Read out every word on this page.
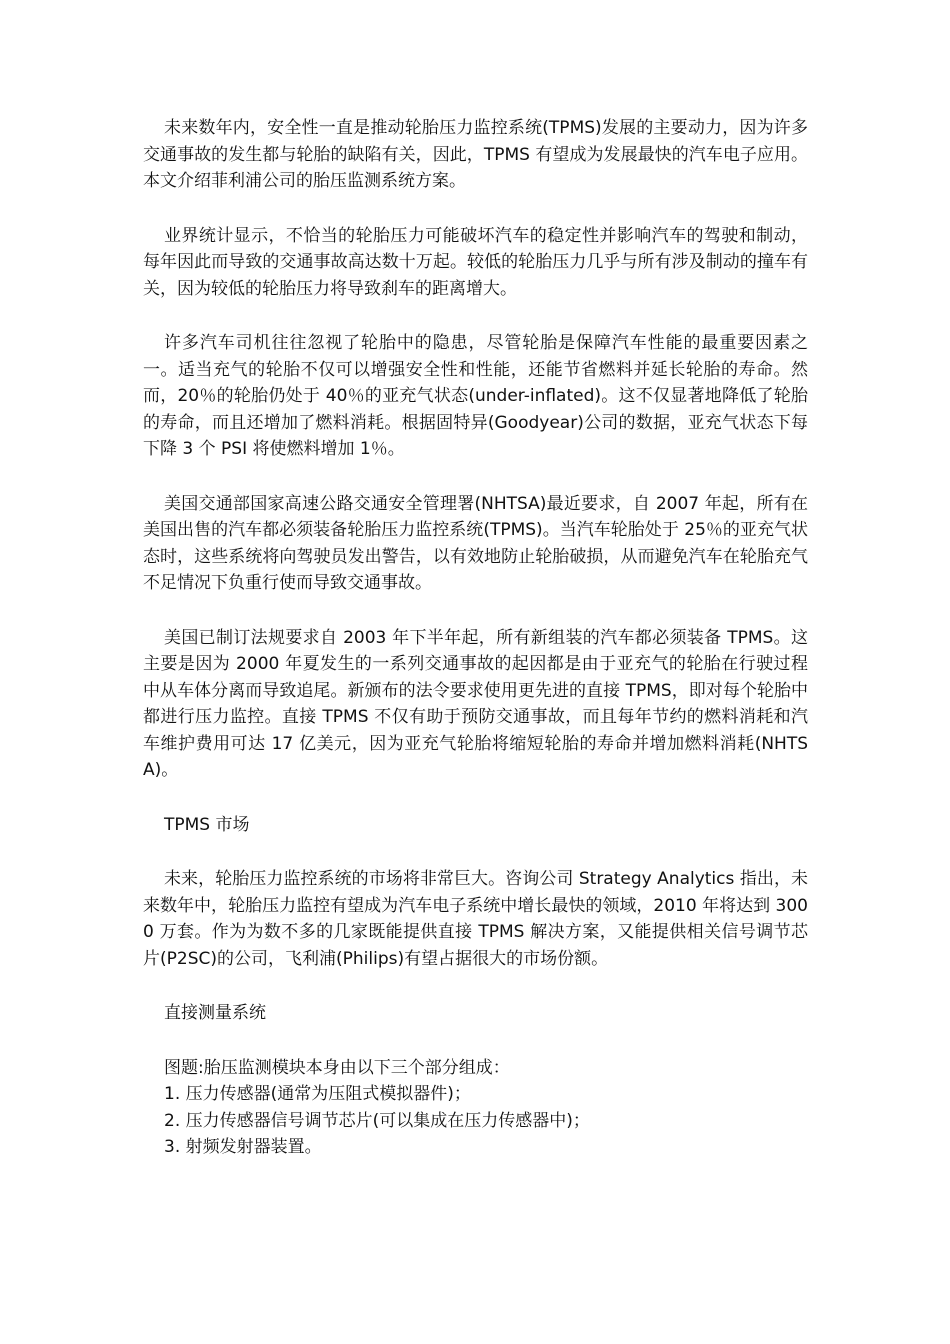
未来数年内，安全性一直是推动轮胎压力监控系统(TPMS)发展的主要动力，因为许多交通事故的发生都与轮胎的缺陷有关，因此，TPMS 有望成为发展最快的汽车电子应用。本文介绍菲利浦公司的胎压监测系统方案。

业界统计显示，不恰当的轮胎压力可能破坏汽车的稳定性并影响汽车的驾驶和制动，每年因此而导致的交通事故高达数十万起。较低的轮胎压力几乎与所有涉及制动的撞车有关，因为较低的轮胎压力将导致刹车的距离增大。

许多汽车司机往往忽视了轮胎中的隐患，尽管轮胎是保障汽车性能的最重要因素之一。适当充气的轮胎不仅可以增强安全性和性能，还能节省燃料并延长轮胎的寿命。然而，20％的轮胎仍处于 40％的亚充气状态(under-inflated)。这不仅显著地降低了轮胎的寿命，而且还增加了燃料消耗。根据固特异(Goodyear)公司的数据，亚充气状态下每下降 3 个 PSI 将使燃料增加 1％。

美国交通部国家高速公路交通安全管理署(NHTSA)最近要求，自 2007 年起，所有在美国出售的汽车都必须装备轮胎压力监控系统(TPMS)。当汽车轮胎处于 25％的亚充气状态时，这些系统将向驾驶员发出警告，以有效地防止轮胎破损，从而避免汽车在轮胎充气不足情况下负重行使而导致交通事故。

美国已制订法规要求自 2003 年下半年起，所有新组装的汽车都必须装备 TPMS。这主要是因为 2000 年夏发生的一系列交通事故的起因都是由于亚充气的轮胎在行驶过程中从车体分离而导致追尾。新颁布的法令要求使用更先进的直接 TPMS，即对每个轮胎中都进行压力监控。直接 TPMS 不仅有助于预防交通事故，而且每年节约的燃料消耗和汽车维护费用可达 17 亿美元，因为亚充气轮胎将缩短轮胎的寿命并增加燃料消耗(NHTSA)。

TPMS 市场

未来，轮胎压力监控系统的市场将非常巨大。咨询公司 Strategy Analytics 指出，未来数年中，轮胎压力监控有望成为汽车电子系统中增长最快的领域，2010 年将达到 3000 万套。作为为数不多的几家既能提供直接 TPMS 解决方案，又能提供相关信号调节芯片(P2SC)的公司，飞利浦(Philips)有望占据很大的市场份额。

直接测量系统

图题:胎压监测模块本身由以下三个部分组成：

1. 压力传感器(通常为压阻式模拟器件)；
2. 压力传感器信号调节芯片(可以集成在压力传感器中)；
3. 射频发射器装置。
